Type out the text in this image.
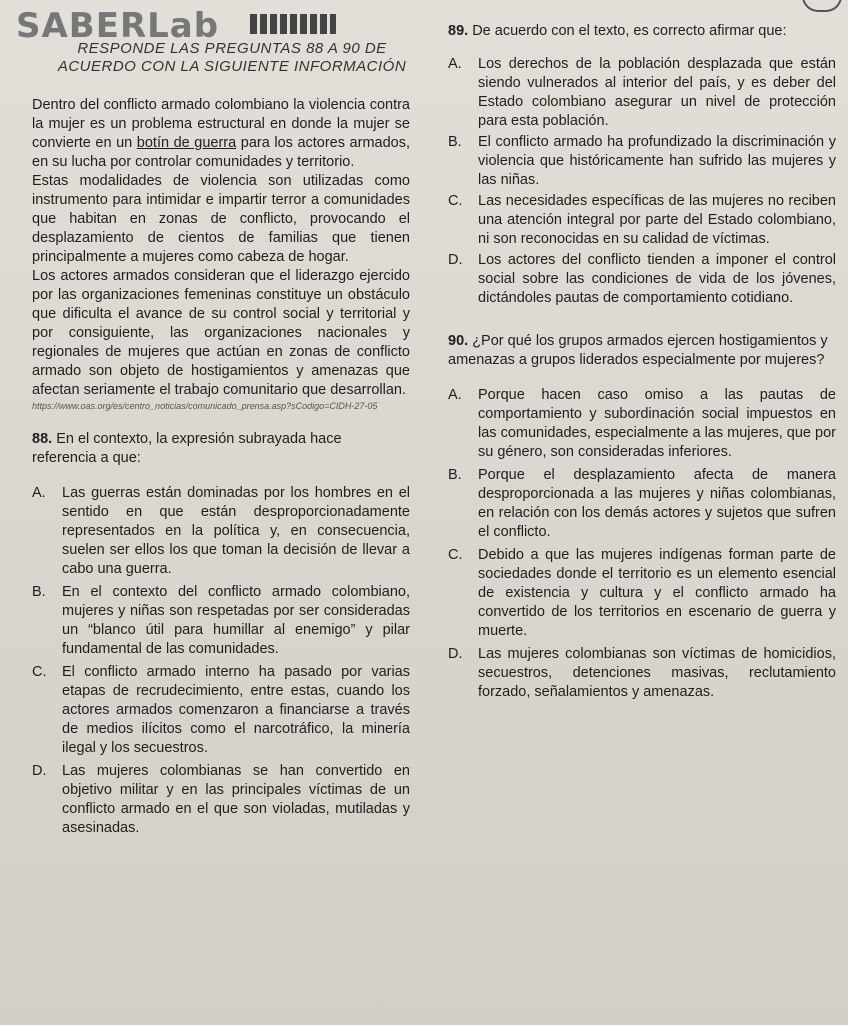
SABERLab
RESPONDE LAS PREGUNTAS 88 A 90 DE
ACUERDO CON LA SIGUIENTE INFORMACIÓN

Dentro del conflicto armado colombiano la violencia contra la mujer es un problema estructural en donde la mujer se convierte en un botín de guerra para los actores armados, en su lucha por controlar comunidades y territorio.

Estas modalidades de violencia son utilizadas como instrumento para intimidar e impartir terror a comunidades que habitan en zonas de conflicto, provocando el desplazamiento de cientos de familias que tienen principalmente a mujeres como cabeza de hogar.

Los actores armados consideran que el liderazgo ejercido por las organizaciones femeninas constituye un obstáculo que dificulta el avance de su control social y territorial y por consiguiente, las organizaciones nacionales y regionales de mujeres que actúan en zonas de conflicto armado son objeto de hostigamientos y amenazas que afectan seriamente el trabajo comunitario que desarrollan.

https://www.oas.org/es/centro_noticias/comunicado_prensa.asp?sCodigo=CIDH-27-05

88. En el contexto, la expresión subrayada hace referencia a que:

A.	Las guerras están dominadas por los hombres en el sentido en que están desproporcionadamente representados en la política y, en consecuencia, suelen ser ellos los que toman la decisión de llevar a cabo una guerra.
B.	En el contexto del conflicto armado colombiano, mujeres y niñas son respetadas por ser consideradas un “blanco útil para humillar al enemigo” y pilar fundamental de las comunidades.
C.	El conflicto armado interno ha pasado por varias etapas de recrudecimiento, entre estas, cuando los actores armados comenzaron a financiarse a través de medios ilícitos como el narcotráfico, la minería ilegal y los secuestros.
D.	Las mujeres colombianas se han convertido en objetivo militar y en las principales víctimas de un conflicto armado en el que son violadas, mutiladas y asesinadas.

89. De acuerdo con el texto, es correcto afirmar que:

A.	Los derechos de la población desplazada que están siendo vulnerados al interior del país, y es deber del Estado colombiano asegurar un nivel de protección para esta población.
B.	El conflicto armado ha profundizado la discriminación y violencia que históricamente han sufrido las mujeres y las niñas.
C.	Las necesidades específicas de las mujeres no reciben una atención integral por parte del Estado colombiano, ni son reconocidas en su calidad de víctimas.
D.	Los actores del conflicto tienden a imponer el control social sobre las condiciones de vida de los jóvenes, dictándoles pautas de comportamiento cotidiano.

90. ¿Por qué los grupos armados ejercen hostigamientos y amenazas a grupos liderados especialmente por mujeres?

A.	Porque hacen caso omiso a las pautas de comportamiento y subordinación social impuestos en las comunidades, especialmente a las mujeres, que por su género, son consideradas inferiores.
B.	Porque el desplazamiento afecta de manera desproporcionada a las mujeres y niñas colombianas, en relación con los demás actores y sujetos que sufren el conflicto.
C.	Debido a que las mujeres indígenas forman parte de sociedades donde el territorio es un elemento esencial de existencia y cultura y el conflicto armado ha convertido de los territorios en escenario de guerra y muerte.
D.	Las mujeres colombianas son víctimas de homicidios, secuestros, detenciones masivas, reclutamiento forzado, señalamientos y amenazas.
